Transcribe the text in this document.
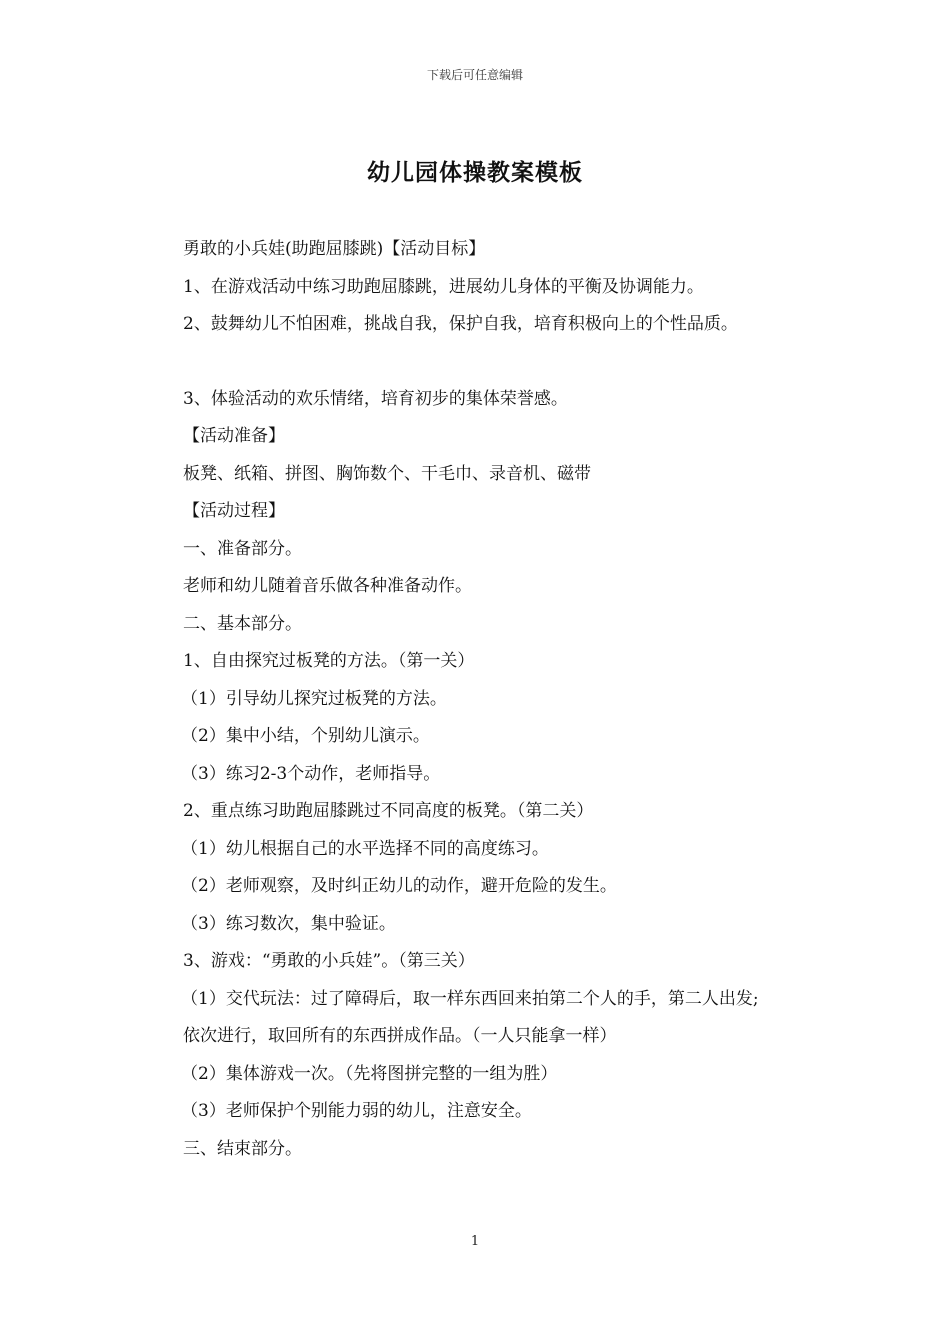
下载后可任意编辑
幼儿园体操教案模板

勇敢的小兵娃(助跑屈膝跳)【活动目标】

1、在游戏活动中练习助跑屈膝跳，进展幼儿身体的平衡及协调能力。

2、鼓舞幼儿不怕困难，挑战自我，保护自我，培育积极向上的个性品质。

3、体验活动的欢乐情绪，培育初步的集体荣誉感。

【活动准备】

板凳、纸箱、拼图、胸饰数个、干毛巾、录音机、磁带

【活动过程】

一、准备部分。

老师和幼儿随着音乐做各种准备动作。

二、基本部分。

1、自由探究过板凳的方法。（第一关）

（1）引导幼儿探究过板凳的方法。

（2）集中小结，个别幼儿演示。

（3）练习2-3个动作，老师指导。

2、重点练习助跑屈膝跳过不同高度的板凳。（第二关）

（1）幼儿根据自己的水平选择不同的高度练习。

（2）老师观察，及时纠正幼儿的动作，避开危险的发生。

（3）练习数次，集中验证。

3、游戏：“勇敢的小兵娃”。（第三关）

（1）交代玩法：过了障碍后，取一样东西回来拍第二个人的手，第二人出发;

依次进行，取回所有的东西拼成作品。（一人只能拿一样）

（2）集体游戏一次。（先将图拼完整的一组为胜）

（3）老师保护个别能力弱的幼儿，注意安全。

三、结束部分。

1
